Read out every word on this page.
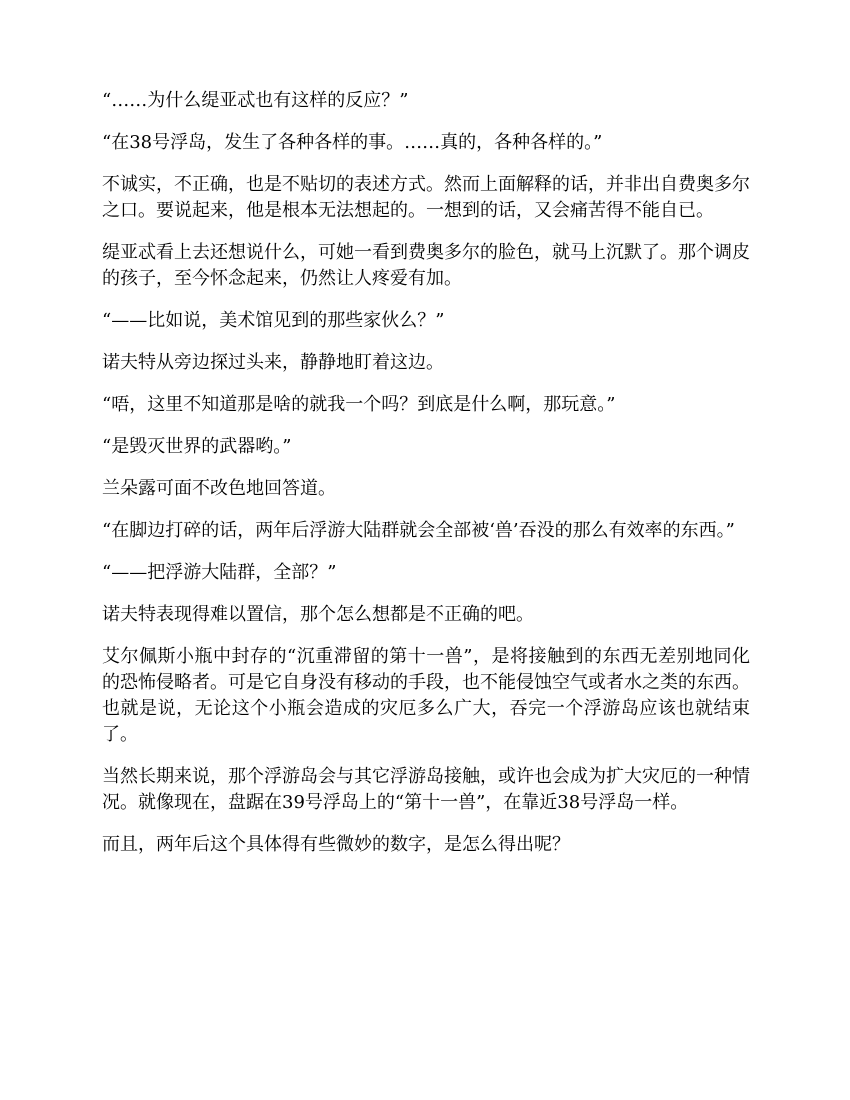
“……为什么缇亚忒也有这样的反应？”

“在38号浮岛，发生了各种各样的事。……真的，各种各样的。”

不诚实，不正确，也是不贴切的表述方式。然而上面解释的话，并非出自费奥多尔之口。要说起来，他是根本无法想起的。一想到的话，又会痛苦得不能自已。

缇亚忒看上去还想说什么，可她一看到费奥多尔的脸色，就马上沉默了。那个调皮的孩子，至今怀念起来，仍然让人疼爱有加。

“——比如说，美术馆见到的那些家伙么？”

诺夫特从旁边探过头来，静静地盯着这边。

“唔，这里不知道那是啥的就我一个吗？到底是什么啊，那玩意。”

“是毁灭世界的武器哟。”

兰朵露可面不改色地回答道。

“在脚边打碎的话，两年后浮游大陆群就会全部被‘兽’吞没的那么有效率的东西。”

“——把浮游大陆群，全部？”

诺夫特表现得难以置信，那个怎么想都是不正确的吧。

艾尔佩斯小瓶中封存的“沉重滞留的第十一兽”，是将接触到的东西无差别地同化的恐怖侵略者。可是它自身没有移动的手段，也不能侵蚀空气或者水之类的东西。也就是说，无论这个小瓶会造成的灾厄多么广大，吞完一个浮游岛应该也就结束了。

当然长期来说，那个浮游岛会与其它浮游岛接触，或许也会成为扩大灾厄的一种情况。就像现在，盘踞在39号浮岛上的“第十一兽”，在靠近38号浮岛一样。

而且，两年后这个具体得有些微妙的数字，是怎么得出呢？
